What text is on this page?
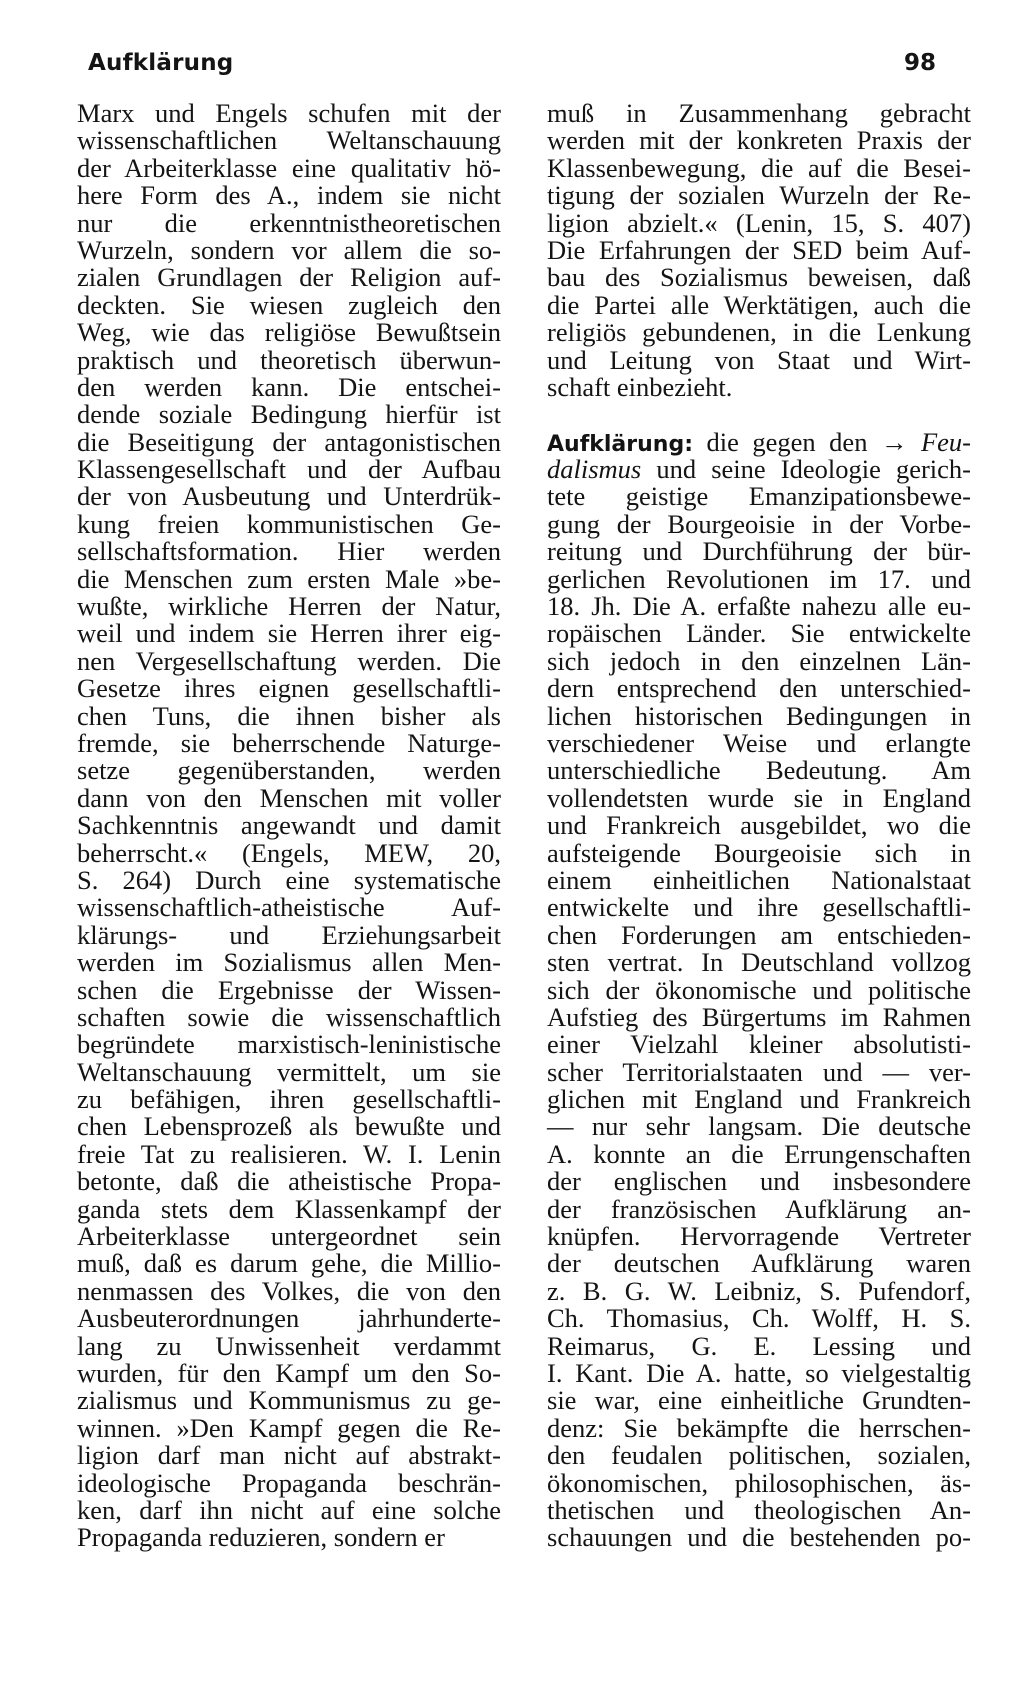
Aufklärung	98
Marx und Engels schufen mit der
wissenschaftlichen Weltanschauung
der Arbeiterklasse eine qualitativ hö-
here Form des A., indem sie nicht
nur die erkenntnistheoretischen
Wurzeln, sondern vor allem die so-
zialen Grundlagen der Religion auf-
deckten. Sie wiesen zugleich den
Weg, wie das religiöse Bewußtsein
praktisch und theoretisch überwun-
den werden kann. Die entschei-
dende soziale Bedingung hierfür ist
die Beseitigung der antagonistischen
Klassengesellschaft und der Aufbau
der von Ausbeutung und Unterdrük-
kung freien kommunistischen Ge-
sellschaftsformation. Hier werden
die Menschen zum ersten Male »be-
wußte, wirkliche Herren der Natur,
weil und indem sie Herren ihrer eig-
nen Vergesellschaftung werden. Die
Gesetze ihres eignen gesellschaftli-
chen Tuns, die ihnen bisher als
fremde, sie beherrschende Naturge-
setze gegenüberstanden, werden
dann von den Menschen mit voller
Sachkenntnis angewandt und damit
beherrscht.« (Engels, MEW, 20,
S. 264) Durch eine systematische
wissenschaftlich-atheistische Auf-
klärungs- und Erziehungsarbeit
werden im Sozialismus allen Men-
schen die Ergebnisse der Wissen-
schaften sowie die wissenschaftlich
begründete marxistisch-leninistische
Weltanschauung vermittelt, um sie
zu befähigen, ihren gesellschaftli-
chen Lebensprozeß als bewußte und
freie Tat zu realisieren. W. I. Lenin
betonte, daß die atheistische Propa-
ganda stets dem Klassenkampf der
Arbeiterklasse untergeordnet sein
muß, daß es darum gehe, die Millio-
nenmassen des Volkes, die von den
Ausbeuterordnungen jahrhunderte-
lang zu Unwissenheit verdammt
wurden, für den Kampf um den So-
zialismus und Kommunismus zu ge-
winnen. »Den Kampf gegen die Re-
ligion darf man nicht auf abstrakt-
ideologische Propaganda beschrän-
ken, darf ihn nicht auf eine solche
Propaganda reduzieren, sondern er
muß in Zusammenhang gebracht
werden mit der konkreten Praxis der
Klassenbewegung, die auf die Besei-
tigung der sozialen Wurzeln der Re-
ligion abzielt.« (Lenin, 15, S. 407)
Die Erfahrungen der SED beim Auf-
bau des Sozialismus beweisen, daß
die Partei alle Werktätigen, auch die
religiös gebundenen, in die Lenkung
und Leitung von Staat und Wirt-
schaft einbezieht.
Aufklärung: die gegen den → Feu-
dalismus und seine Ideologie gerich-
tete geistige Emanzipationsbewe-
gung der Bourgeoisie in der Vorbe-
reitung und Durchführung der bür-
gerlichen Revolutionen im 17. und
18. Jh. Die A. erfaßte nahezu alle eu-
ropäischen Länder. Sie entwickelte
sich jedoch in den einzelnen Län-
dern entsprechend den unterschied-
lichen historischen Bedingungen in
verschiedener Weise und erlangte
unterschiedliche Bedeutung. Am
vollendetsten wurde sie in England
und Frankreich ausgebildet, wo die
aufsteigende Bourgeoisie sich in
einem einheitlichen Nationalstaat
entwickelte und ihre gesellschaftli-
chen Forderungen am entschieden-
sten vertrat. In Deutschland vollzog
sich der ökonomische und politische
Aufstieg des Bürgertums im Rahmen
einer Vielzahl kleiner absolutisti-
scher Territorialstaaten und — ver-
glichen mit England und Frankreich
— nur sehr langsam. Die deutsche
A. konnte an die Errungenschaften
der englischen und insbesondere
der französischen Aufklärung an-
knüpfen. Hervorragende Vertreter
der deutschen Aufklärung waren
z. B. G. W. Leibniz, S. Pufendorf,
Ch. Thomasius, Ch. Wolff, H. S.
Reimarus, G. E. Lessing und
I. Kant. Die A. hatte, so vielgestaltig
sie war, eine einheitliche Grundten-
denz: Sie bekämpfte die herrschen-
den feudalen politischen, sozialen,
ökonomischen, philosophischen, äs-
thetischen und theologischen An-
schauungen und die bestehenden po-
